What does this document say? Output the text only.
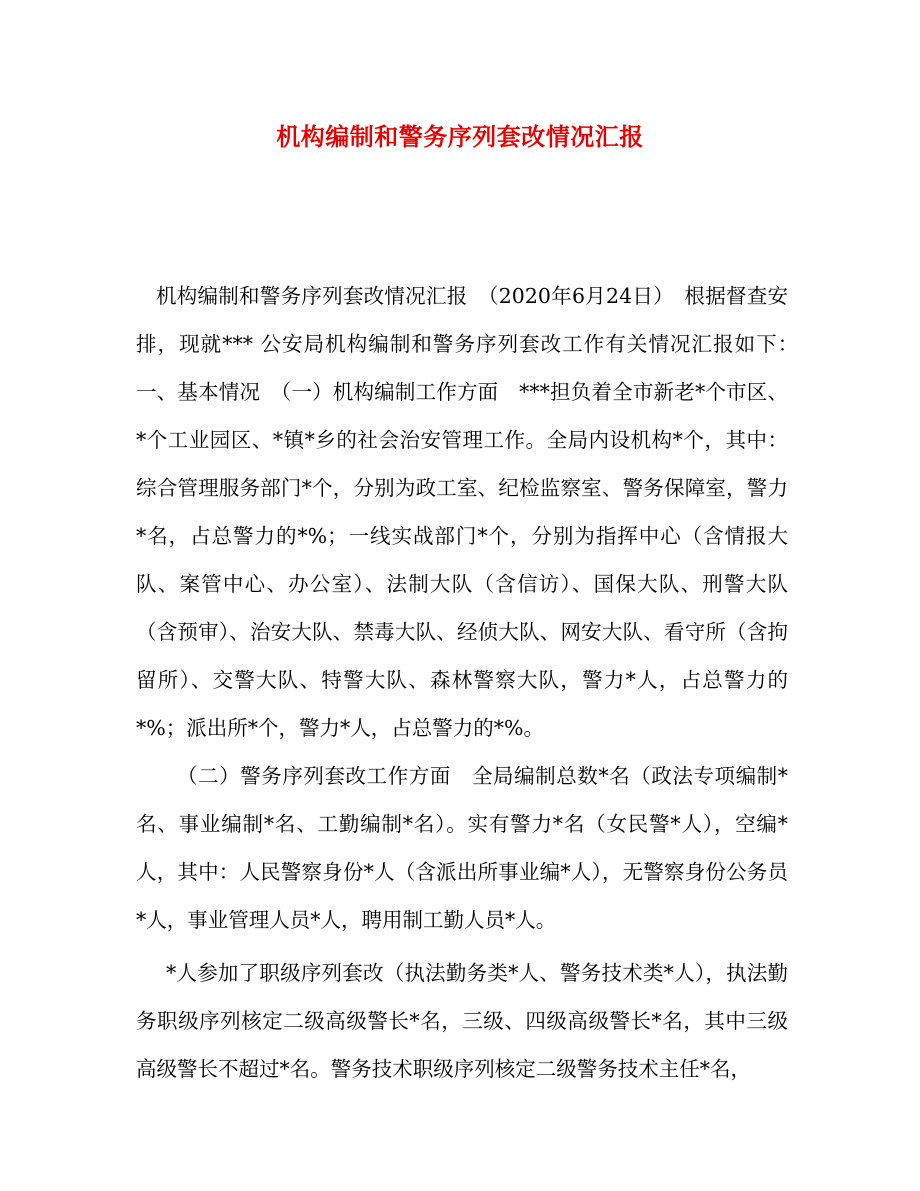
机构编制和警务序列套改情况汇报

机构编制和警务序列套改情况汇报　（2020年6月24日）　根据督查安排，现就*** 公安局机构编制和警务序列套改工作有关情况汇报如下：　一、基本情况　（一）机构编制工作方面　***担负着全市新老*个市区、*个工业园区、*镇*乡的社会治安管理工作。全局内设机构*个，其中：综合管理服务部门*个，分别为政工室、纪检监察室、警务保障室，警力*名，占总警力的*%；一线实战部门*个，分别为指挥中心（含情报大队、案管中心、办公室）、法制大队（含信访）、国保大队、刑警大队（含预审）、治安大队、禁毒大队、经侦大队、网安大队、看守所（含拘留所）、交警大队、特警大队、森林警察大队，警力*人，占总警力的*%；派出所*个，警力*人，占总警力的*%。

（二）警务序列套改工作方面　全局编制总数*名（政法专项编制*名、事业编制*名、工勤编制*名）。实有警力*名（女民警*人），空编*人，其中：人民警察身份*人（含派出所事业编*人），无警察身份公务员*人，事业管理人员*人，聘用制工勤人员*人。

*人参加了职级序列套改（执法勤务类*人、警务技术类*人），执法勤务职级序列核定二级高级警长*名，三级、四级高级警长*名，其中三级高级警长不超过*名。警务技术职级序列核定二级警务技术主任*名，
